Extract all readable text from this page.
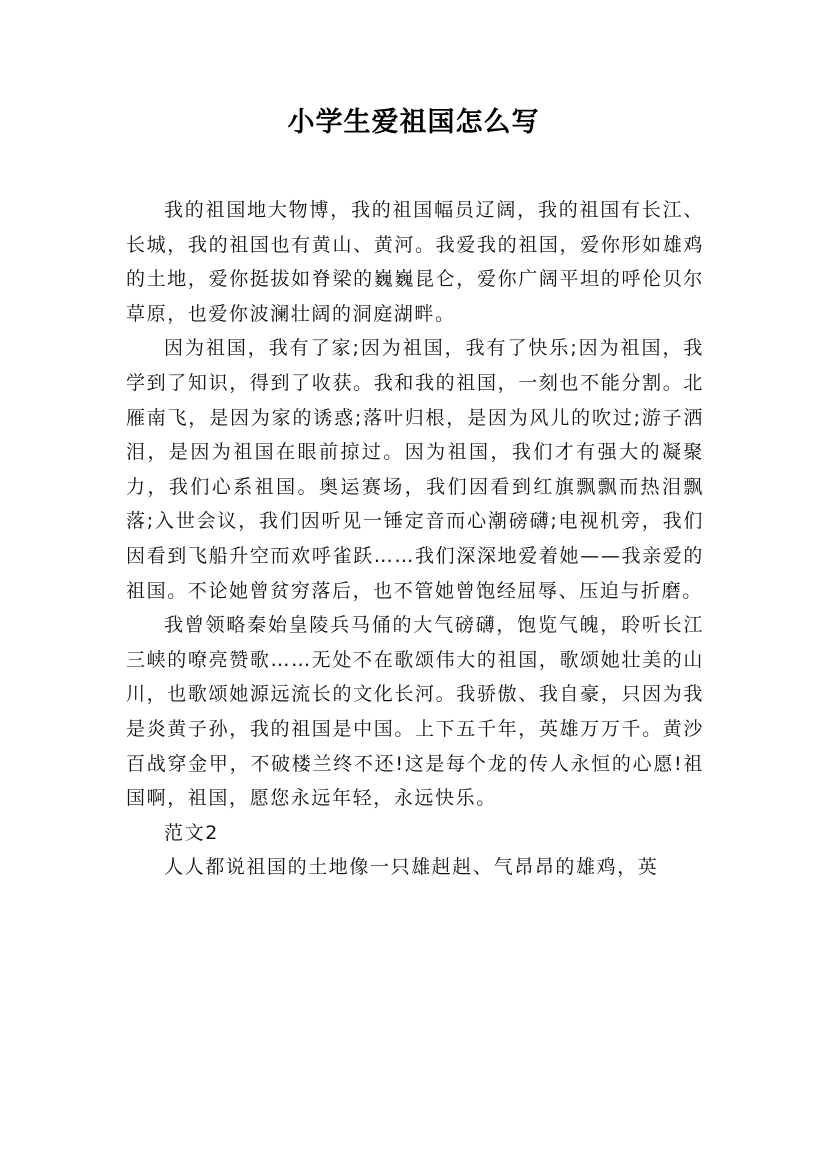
小学生爱祖国怎么写

我的祖国地大物博，我的祖国幅员辽阔，我的祖国有长江、长城，我的祖国也有黄山、黄河。我爱我的祖国，爱你形如雄鸡的土地，爱你挺拔如脊梁的巍巍昆仑，爱你广阔平坦的呼伦贝尔草原，也爱你波澜壮阔的洞庭湖畔。

因为祖国，我有了家;因为祖国，我有了快乐;因为祖国，我学到了知识，得到了收获。我和我的祖国，一刻也不能分割。北雁南飞，是因为家的诱惑;落叶归根，是因为风儿的吹过;游子洒泪，是因为祖国在眼前掠过。因为祖国，我们才有强大的凝聚力，我们心系祖国。奥运赛场，我们因看到红旗飘飘而热泪飘落;入世会议，我们因听见一锤定音而心潮磅礴;电视机旁，我们因看到飞船升空而欢呼雀跃……我们深深地爱着她——我亲爱的祖国。不论她曾贫穷落后，也不管她曾饱经屈辱、压迫与折磨。

我曾领略秦始皇陵兵马俑的大气磅礴，饱览气魄，聆听长江三峡的嘹亮赞歌……无处不在歌颂伟大的祖国，歌颂她壮美的山川，也歌颂她源远流长的文化长河。我骄傲、我自豪，只因为我是炎黄子孙，我的祖国是中国。上下五千年，英雄万万千。黄沙百战穿金甲，不破楼兰终不还!这是每个龙的传人永恒的心愿!祖国啊，祖国，愿您永远年轻，永远快乐。

范文2

人人都说祖国的土地像一只雄赳赳、气昂昂的雄鸡，英
